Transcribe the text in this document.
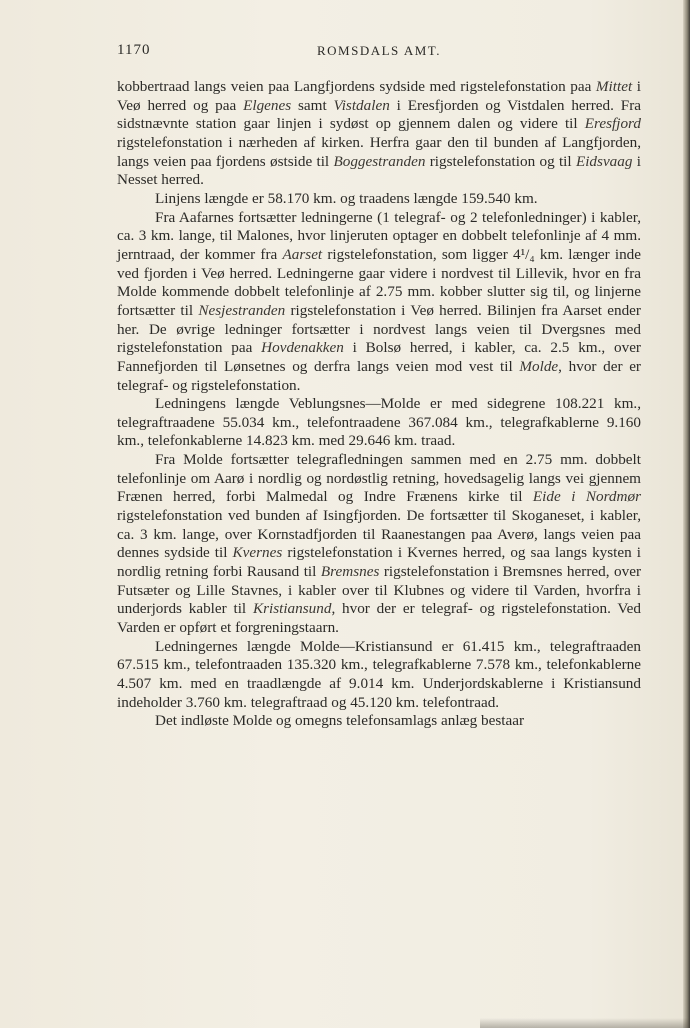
1170	ROMSDALS AMT.

kobbertraad langs veien paa Langfjordens sydside med rigstelefonstation paa Mittet i Veø herred og paa Elgenes samt Vistdalen i Eresfjorden og Vistdalen herred. Fra sidstnævnte station gaar linjen i sydøst op gjennem dalen og videre til Eresfjord rigstelefonstation i nærheden af kirken. Herfra gaar den til bunden af Langfjorden, langs veien paa fjordens østside til Boggestranden rigstelefonstation og til Eidsvaag i Nesset herred.

Linjens længde er 58.170 km. og traadens længde 159.540 km.

Fra Aafarnes fortsætter ledningerne (1 telegraf- og 2 telefonledninger) i kabler, ca. 3 km. lange, til Malones, hvor linjeruten optager en dobbelt telefonlinje af 4 mm. jerntraad, der kommer fra Aarset rigstelefonstation, som ligger 4¹/₄ km. længer inde ved fjorden i Veø herred. Ledningerne gaar videre i nordvest til Lillevik, hvor en fra Molde kommende dobbelt telefonlinje af 2.75 mm. kobber slutter sig til, og linjerne fortsætter til Nesjestranden rigstelefonstation i Veø herred. Bilinjen fra Aarset ender her. De øvrige ledninger fortsætter i nordvest langs veien til Dvergsnes med rigstelefonstation paa Hovdenakken i Bolsø herred, i kabler, ca. 2.5 km., over Fannefjorden til Lønsetnes og derfra langs veien mod vest til Molde, hvor der er telegraf- og rigstelefonstation.

Ledningens længde Veblungsnes—Molde er med sidegrene 108.221 km., telegraftraadene 55.034 km., telefontraadene 367.084 km., telegrafkablerne 9.160 km., telefonkablerne 14.823 km. med 29.646 km. traad.

Fra Molde fortsætter telegrafledningen sammen med en 2.75 mm. dobbelt telefonlinje om Aarø i nordlig og nordøstlig retning, hovedsagelig langs vei gjennem Frænen herred, forbi Malmedal og Indre Frænens kirke til Eide i Nordmør rigstelefonstation ved bunden af Isingfjorden. De fortsætter til Skoganeset, i kabler, ca. 3 km. lange, over Kornstadfjorden til Raanestangen paa Averø, langs veien paa dennes sydside til Kvernes rigstelefonstation i Kvernes herred, og saa langs kysten i nordlig retning forbi Rausand til Bremsnes rigstelefonstation i Bremsnes herred, over Futsæter og Lille Stavnes, i kabler over til Klubnes og videre til Varden, hvorfra i underjords kabler til Kristiansund, hvor der er telegraf- og rigstelefonstation. Ved Varden er opført et forgreningstaarn.

Ledningernes længde Molde—Kristiansund er 61.415 km., telegraftraaden 67.515 km., telefontraaden 135.320 km., telegrafkablerne 7.578 km., telefonkablerne 4.507 km. med en traadlængde af 9.014 km. Underjordskablerne i Kristiansund indeholder 3.760 km. telegraftraad og 45.120 km. telefontraad.

Det indløste Molde og omegns telefonsamlags anlæg bestaar
